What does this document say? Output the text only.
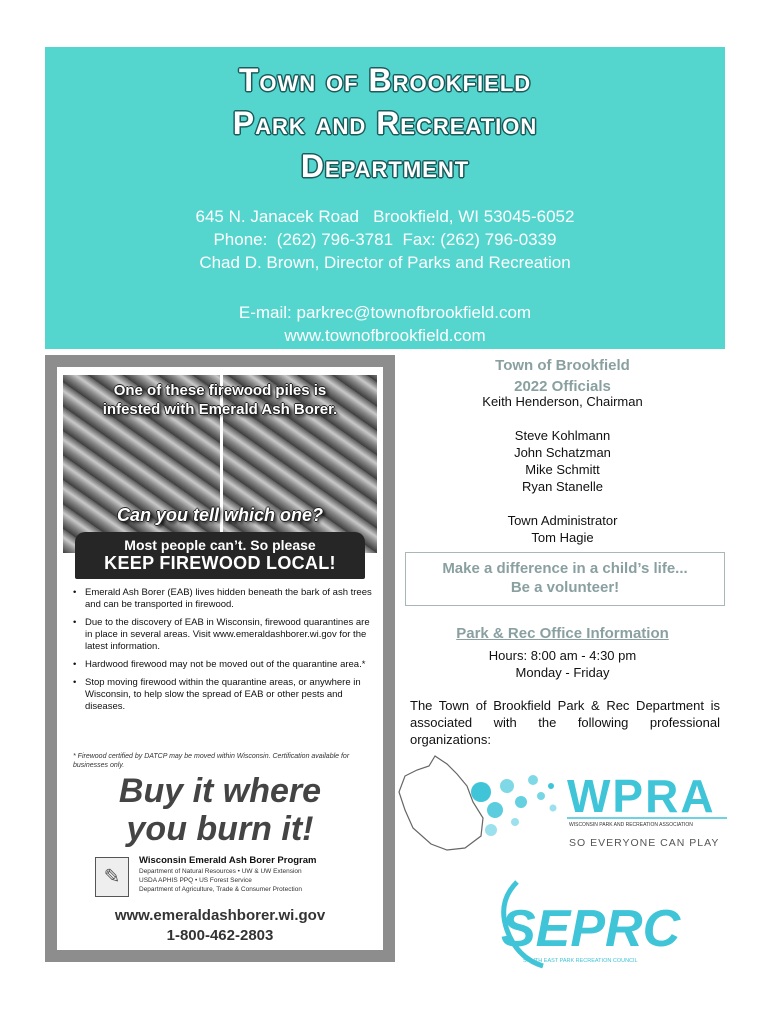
Town of Brookfield
Park and Recreation
Department
645 N. Janacek Road   Brookfield, WI 53045-6052
Phone:  (262) 796-3781  Fax: (262) 796-0339
Chad D. Brown, Director of Parks and Recreation
E-mail: parkrec@townofbrookfield.com
www.townofbrookfield.com
One of these firewood piles is
infested with Emerald Ash Borer.
Can you tell which one?
Most people can’t. So please
KEEP FIREWOOD LOCAL!
• Emerald Ash Borer (EAB) lives hidden beneath the bark of ash trees and can be transported in firewood.
• Due to the discovery of EAB in Wisconsin, firewood quarantines are in place in several areas. Visit www.emeraldashborer.wi.gov for the latest information.
• Hardwood firewood may not be moved out of the quarantine area.*
• Stop moving firewood within the quarantine areas, or anywhere in Wisconsin, to help slow the spread of EAB or other pests and diseases.
* Firewood certified by DATCP may be moved within Wisconsin. Certification available for businesses only.
Buy it where
you burn it!
✎
Wisconsin Emerald Ash Borer Program
Department of Natural Resources • UW & UW Extension
USDA APHIS PPQ • US Forest Service
Department of Agriculture, Trade & Consumer Protection
www.emeraldashborer.wi.gov
1-800-462-2803
Town of Brookfield
2022 Officials
Keith Henderson, Chairman
Steve Kohlmann
John Schatzman
Mike Schmitt
Ryan Stanelle
Town Administrator
Tom Hagie
Make a difference in a child’s life...
Be a volunteer!
Park & Rec Office Information
Hours: 8:00 am - 4:30 pm
Monday - Friday
The Town of Brookfield Park & Rec Department is associated with the following professional organizations:
WPRA
WISCONSIN PARK AND RECREATION ASSOCIATION
SO EVERYONE CAN PLAY
SEPRC
SOUTH EAST PARK RECREATION COUNCIL
